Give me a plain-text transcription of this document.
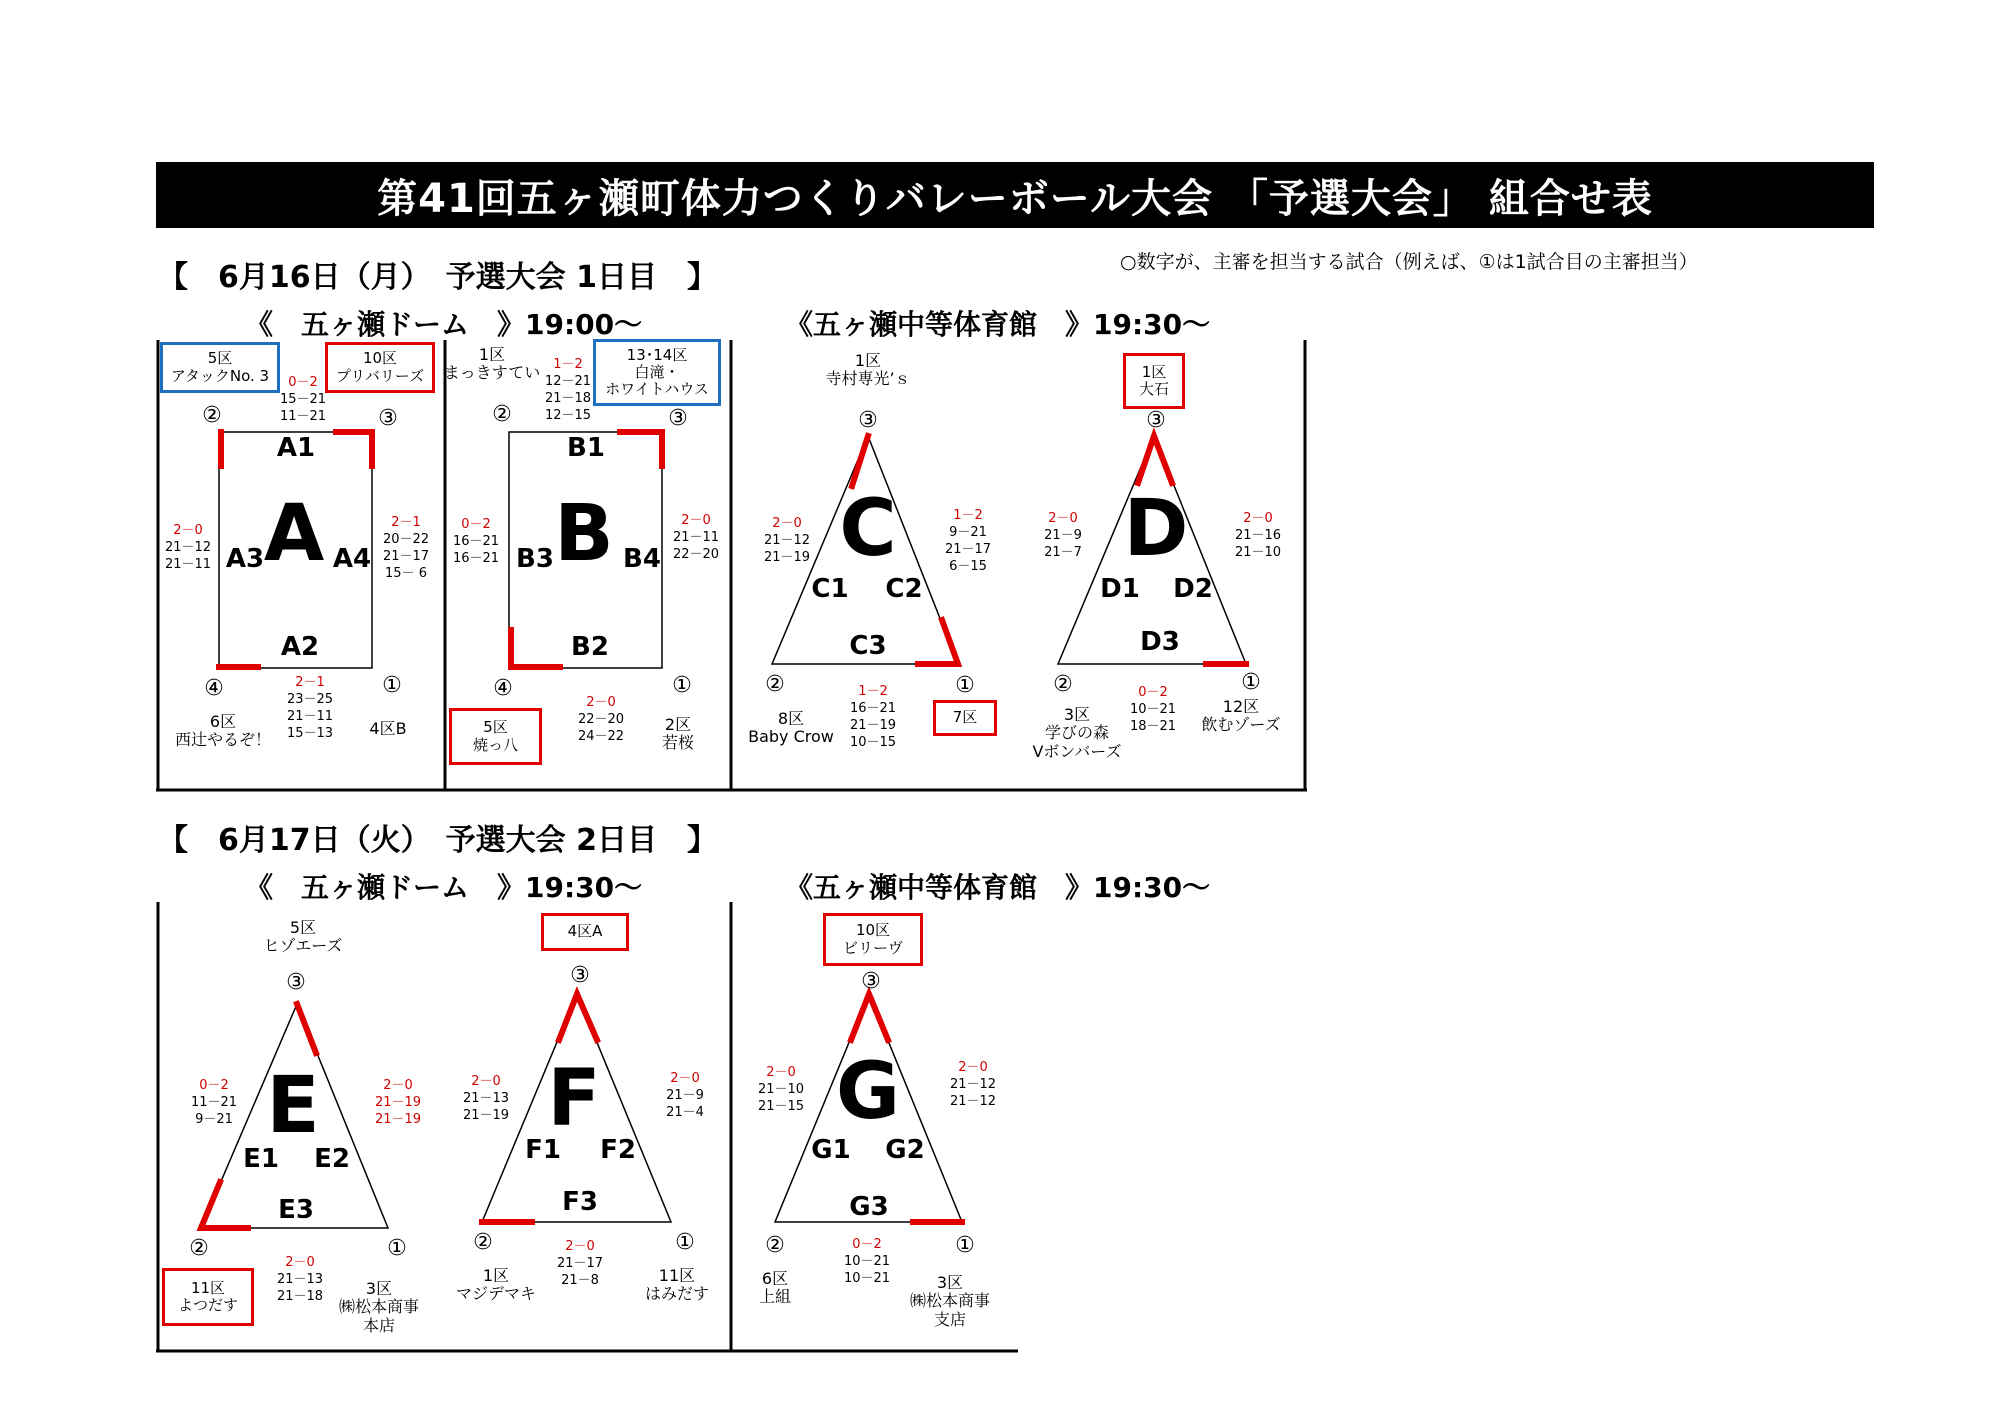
第41回五ヶ瀬町体力つくりバレーボール大会 「予選大会」 組合せ表
【　6月16日（月）　予選大会 1日目　】	○数字が、主審を担当する試合（例えば、①は1試合目の主審担当）
《　五ヶ瀬ドーム　》19:00～	《五ヶ瀬中等体育館　》19:30～
【　6月17日（火）　予選大会 2日目　】
《　五ヶ瀬ドーム　》19:30～	《五ヶ瀬中等体育館　》19:30～
5区
アタックNo. 3
10区
プリバリーズ
0－2
15－21
11－21
②	③
A1
A
A3	A4
A2
2－0
21－12
21－11
2－1
20－22
21－17
15－ 6
④	①
2－1
23－25
21－11
15－13
6区
西辻やるぞ！
4区B
1区
まっきすてい 1－2
12－21
21－18
12－15
13･14区
白滝・
ホワイトハウス
②	③
B1
B
B3	B4
B2
0－2
16－21
16－21
2－0
21－11
22－20
④	①
2－0
22－20
24－22
5区
焼っ八
2区
若桜
1区
寺村専光’ｓ
③
C
C1 C2
C3
2－0
21－12
21－19
1－2
9－21
21－17
6－15
②	①
1－2
16－21
21－19
10－15
8区
Baby Crow
7区
1区
大石
③
D
D1 D2
D3
2－0
21－9
21－7
2－0
21－16
21－10
②	①
0－2
10－21
18－21
3区
学びの森
Vボンバーズ
12区
飲むゾーズ
5区
ヒゾエーズ
③
E
E1 E2
E3
0－2
11－21
9－21
2－0
21－19
21－19
②	①
2－0
21－13
21－18
11区
よつだす
3区
㈱松本商事
本店
4区A
③
F
F1 F2
F3
2－0
21－13
21－19
2－0
21－9
21－4
②	①
2－0
21－17
21－8
1区
マジデマキ
11区
はみだす
10区
ビリーヴ
③
G
G1 G2
G3
2－0
21－10
21－15
2－0
21－12
21－12
②	①
0－2
10－21
10－21
6区
上組
3区
㈱松本商事
支店
